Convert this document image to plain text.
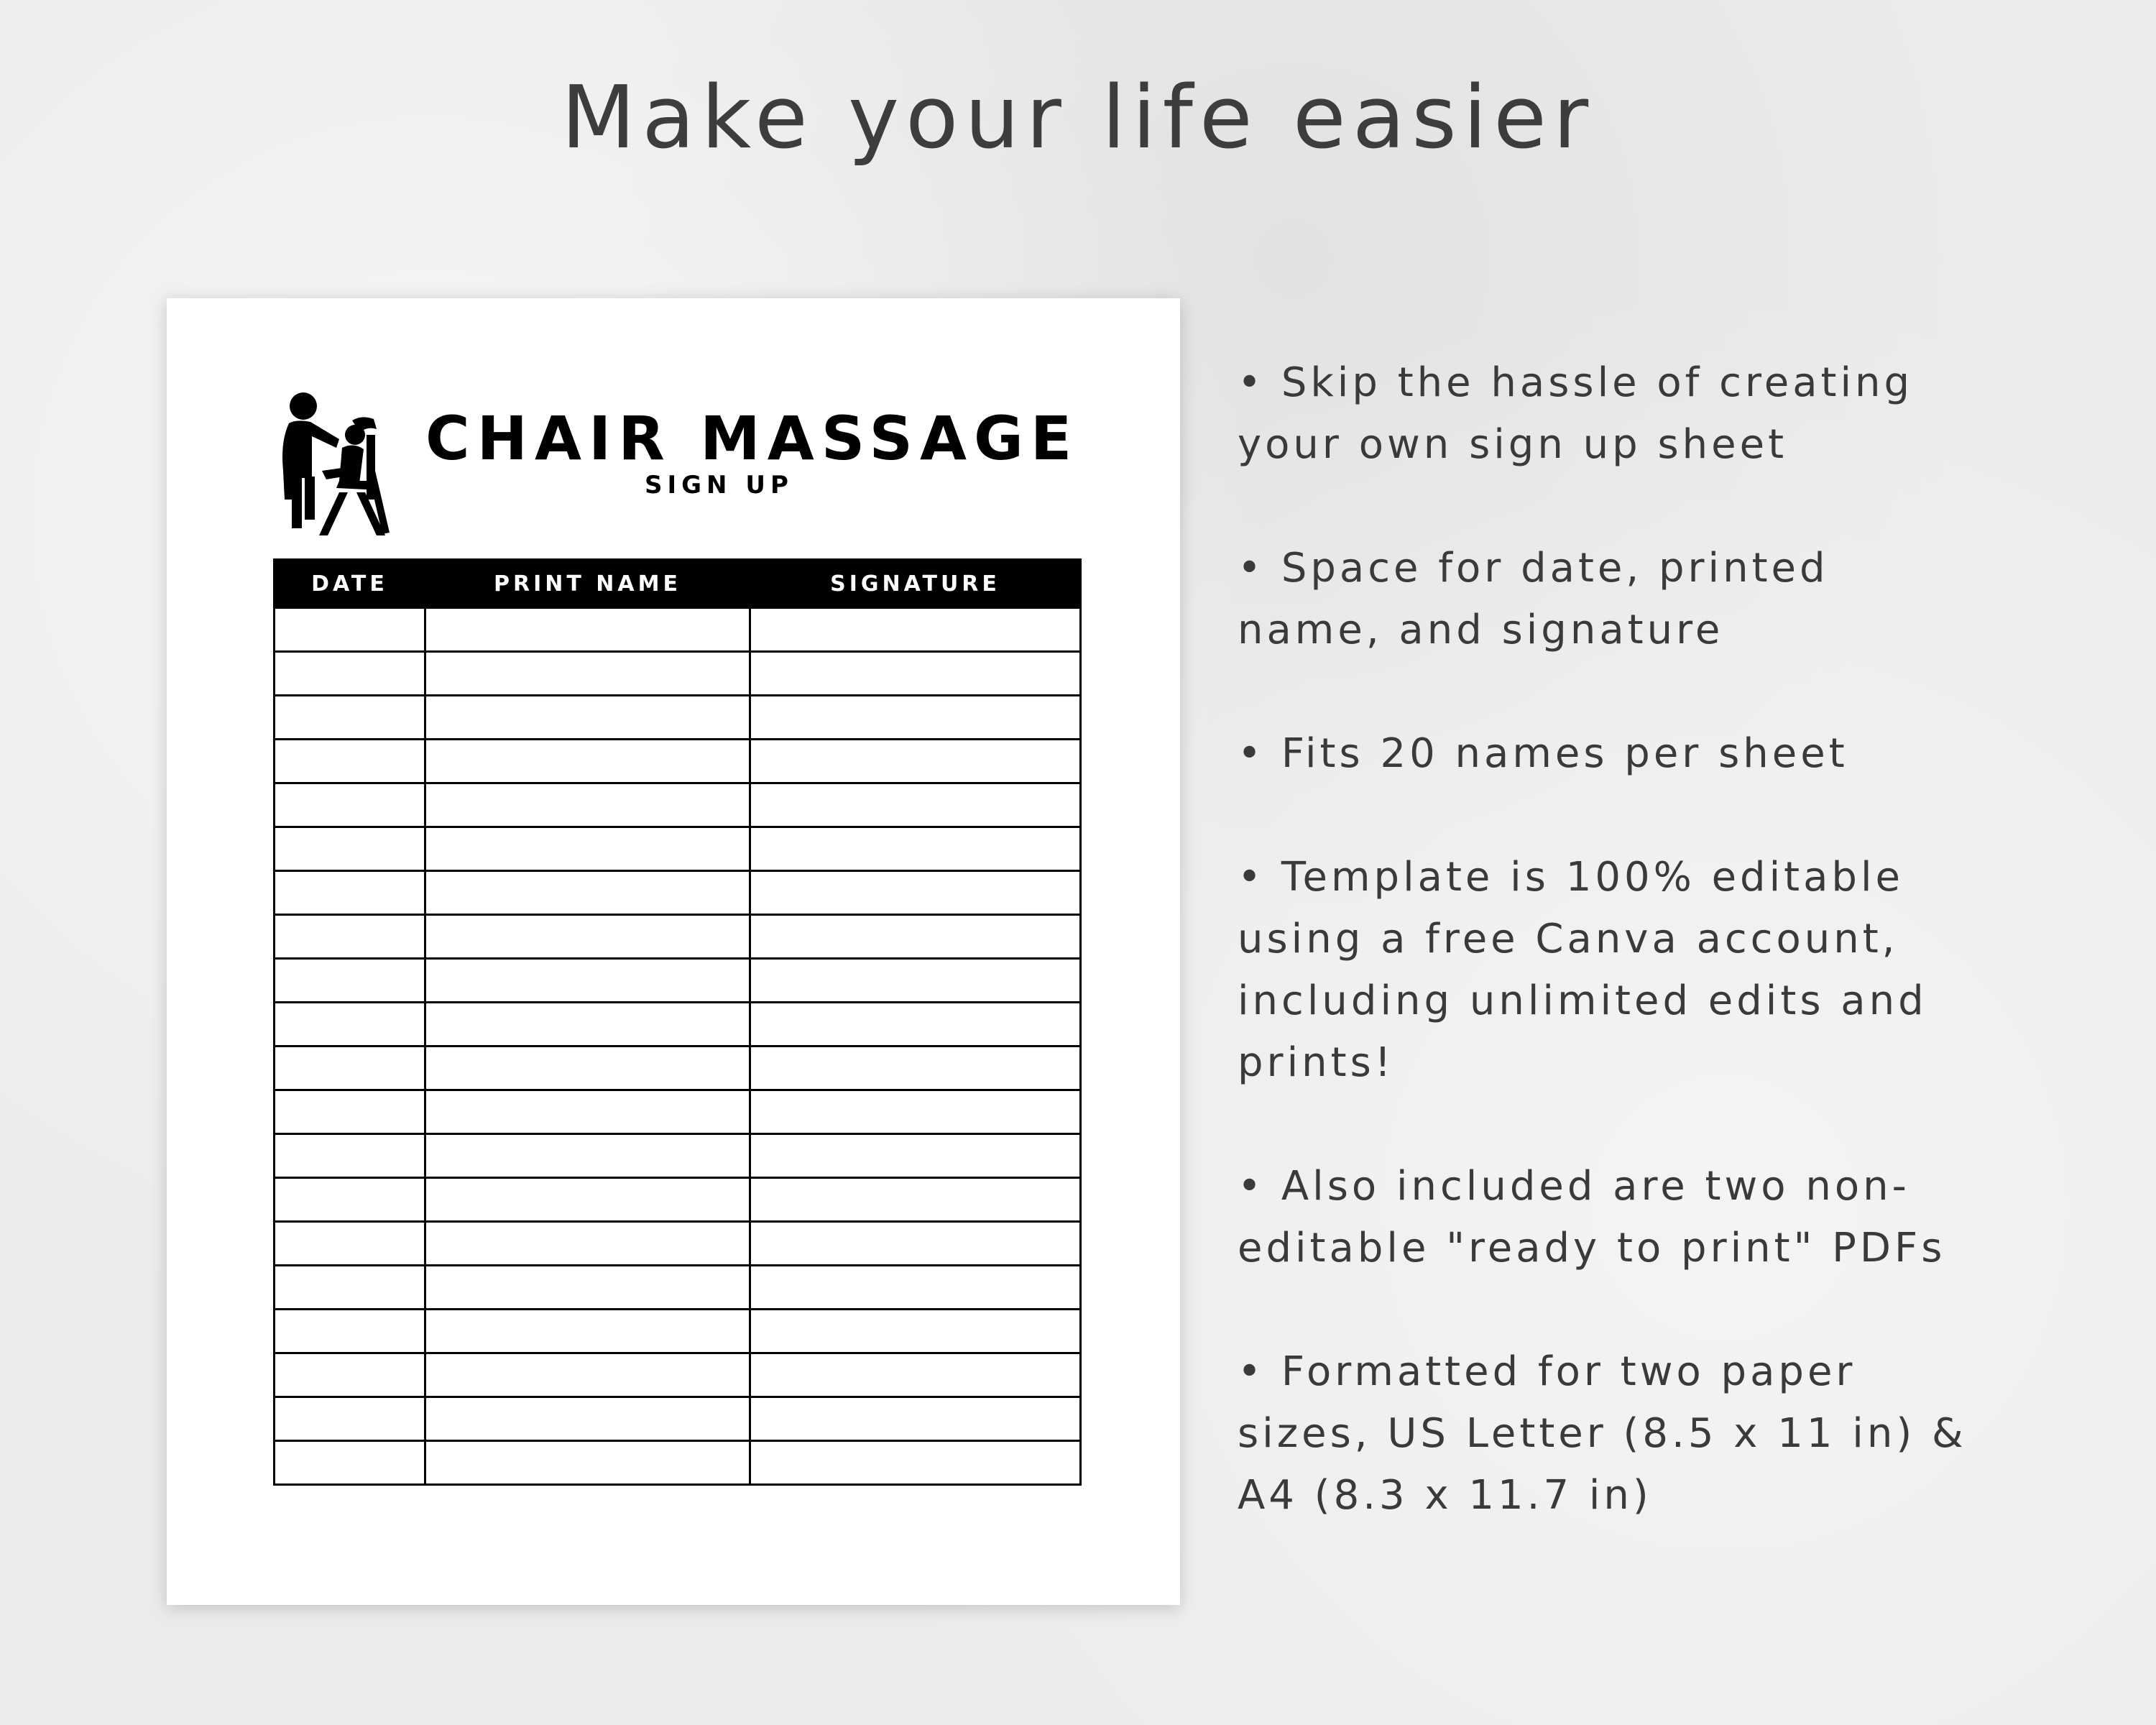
Make your life easier
CHAIR MASSAGE
SIGN UP
DATE	PRINT NAME	SIGNATURE

• Skip the hassle of creating
your own sign up sheet

• Space for date, printed
name, and signature

• Fits 20 names per sheet

• Template is 100% editable
using a free Canva account,
including unlimited edits and
prints!

• Also included are two non-
editable "ready to print" PDFs

• Formatted for two paper
sizes, US Letter (8.5 x 11 in) &
A4 (8.3 x 11.7 in)
